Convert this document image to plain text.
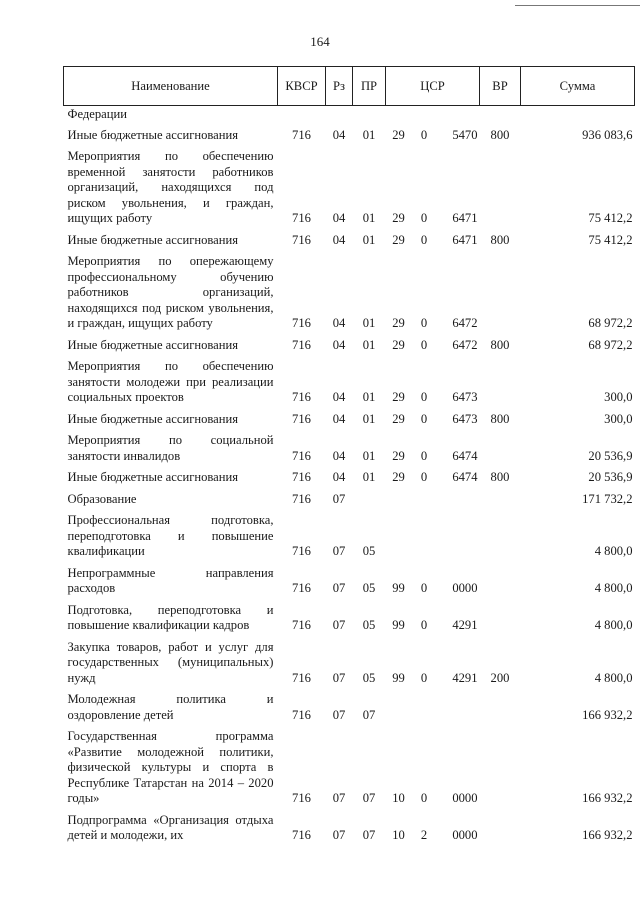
164
Наименование	КВСР	Рз	ПР	ЦСР			ВР	Сумма
Федерации								
Иные бюджетные ассигнования	716	04	01	29	0	5470	800	936 083,6
Мероприятия по обеспечению временной занятости работников организаций, находящихся под риском увольнения, и граждан, ищущих работу	716	04	01	29	0	6471		75 412,2
Иные бюджетные ассигнования	716	04	01	29	0	6471	800	75 412,2
Мероприятия по опережающему профессиональному обучению работников организаций, находящихся под риском увольнения, и граждан, ищущих работу	716	04	01	29	0	6472		68 972,2
Иные бюджетные ассигнования	716	04	01	29	0	6472	800	68 972,2
Мероприятия по обеспечению занятости молодежи при реализации социальных проектов	716	04	01	29	0	6473		300,0
Иные бюджетные ассигнования	716	04	01	29	0	6473	800	300,0
Мероприятия по социальной занятости инвалидов	716	04	01	29	0	6474		20 536,9
Иные бюджетные ассигнования	716	04	01	29	0	6474	800	20 536,9
Образование	716	07						171 732,2
Профессиональная подготовка, переподготовка и повышение квалификации	716	07	05					4 800,0
Непрограммные направления расходов	716	07	05	99	0	0000		4 800,0
Подготовка, переподготовка и повышение квалификации кадров	716	07	05	99	0	4291		4 800,0
Закупка товаров, работ и услуг для государственных (муниципальных) нужд	716	07	05	99	0	4291	200	4 800,0
Молодежная политика и оздоровление детей	716	07	07					166 932,2
Государственная программа «Развитие молодежной политики, физической культуры и спорта в Республике Татарстан на 2014 – 2020 годы»	716	07	07	10	0	0000		166 932,2
Подпрограмма «Организация отдыха детей и молодежи, их	716	07	07	10	2	0000		166 932,2
